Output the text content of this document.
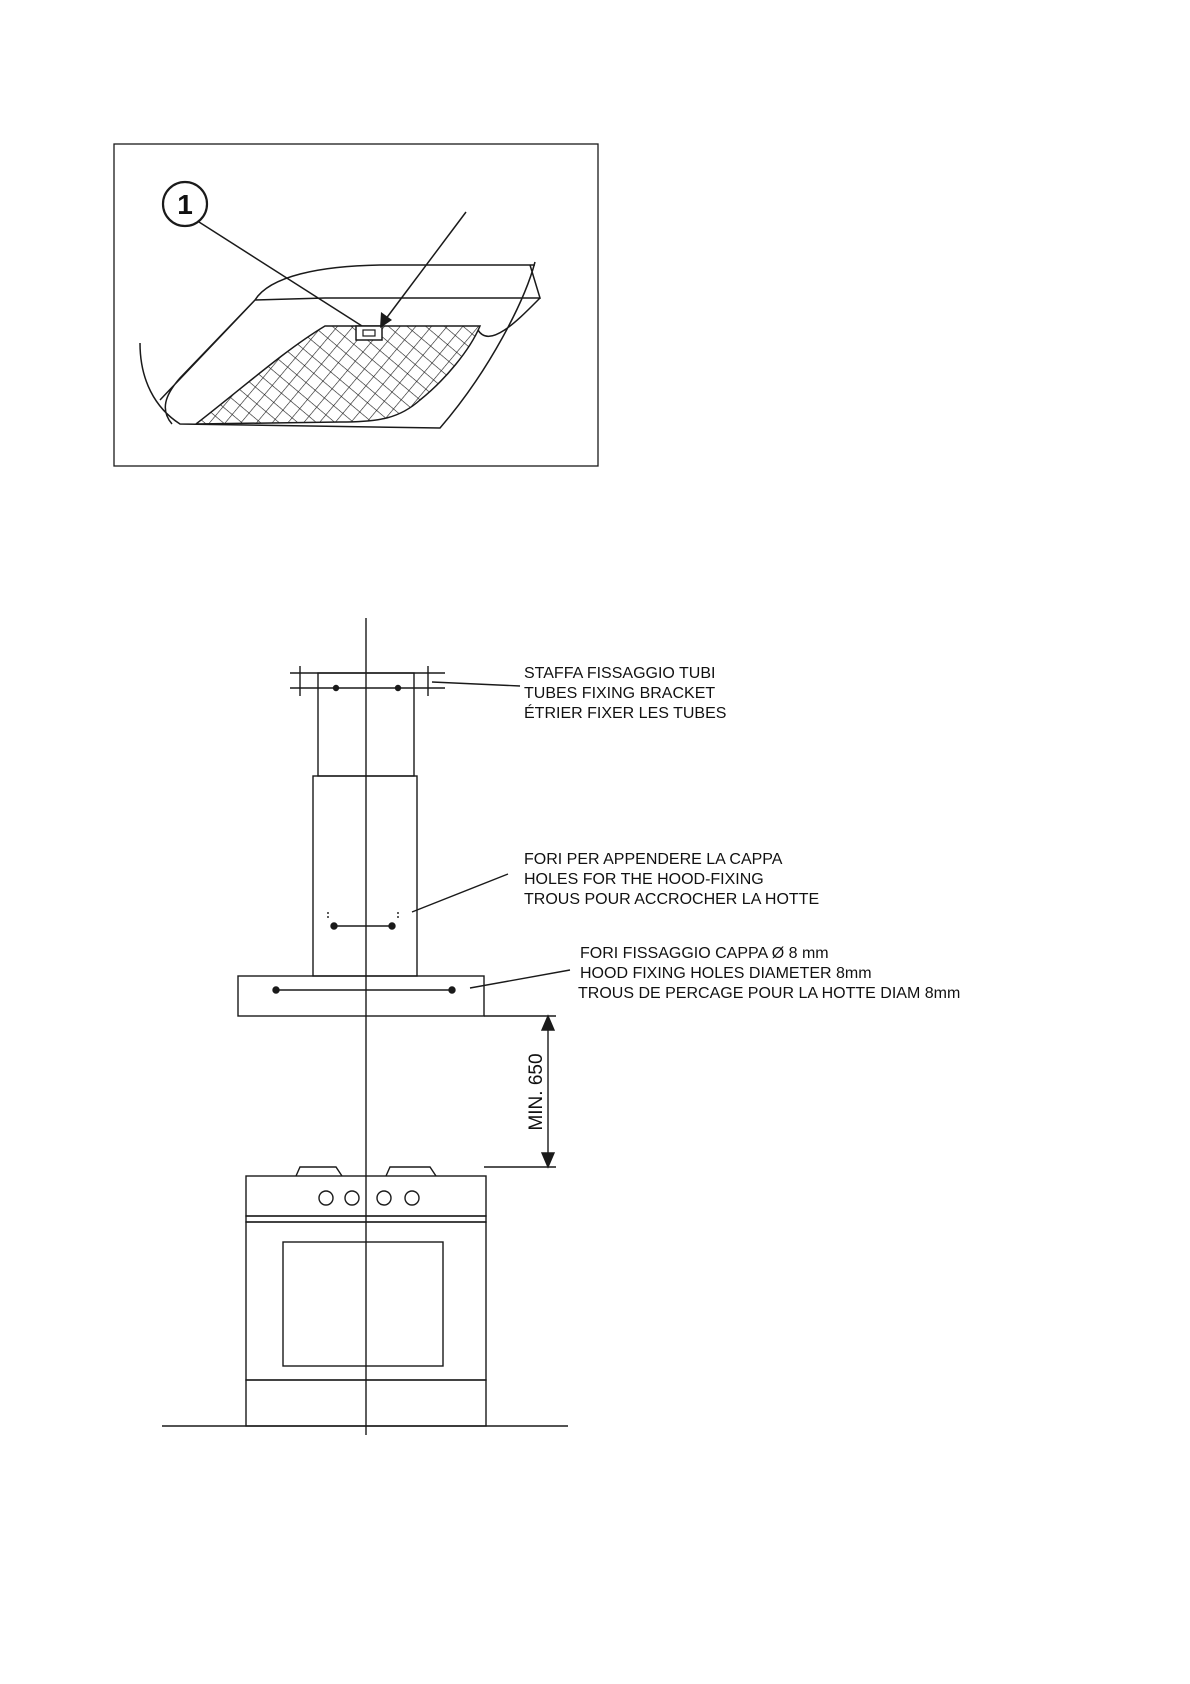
1
STAFFA FISSAGGIO TUBI
TUBES FIXING BRACKET
ÉTRIER FIXER LES TUBES
FORI PER APPENDERE LA CAPPA
HOLES FOR THE HOOD-FIXING
TROUS POUR ACCROCHER LA HOTTE
FORI FISSAGGIO CAPPA Ø 8 mm
HOOD FIXING HOLES DIAMETER 8mm
TROUS DE PERCAGE POUR LA HOTTE DIAM 8mm
MIN. 650
